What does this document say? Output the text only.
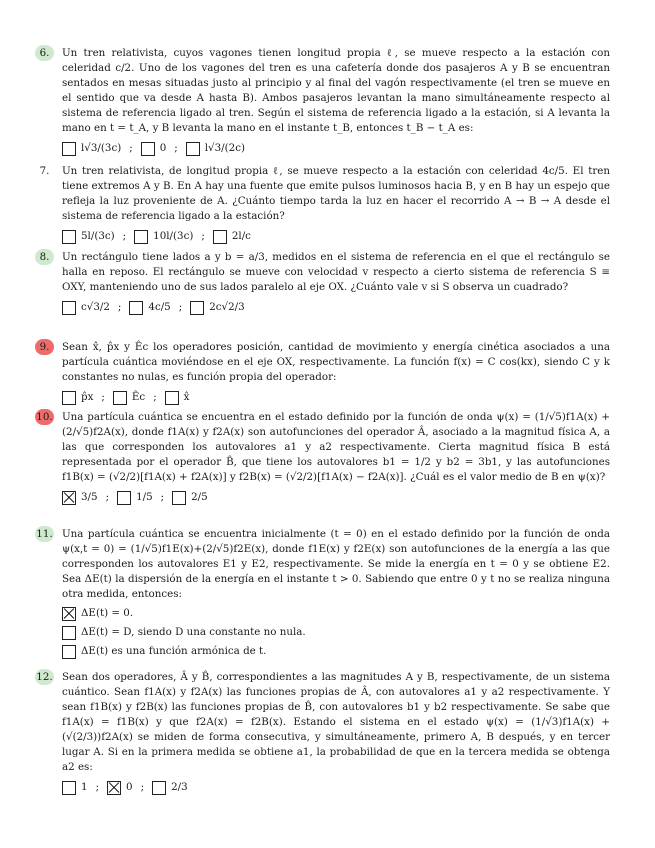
6.	Un tren relativista, cuyos vagones tienen longitud propia ℓ, se mueve respecto a la estación con celeridad c/2. Uno de los vagones del tren es una cafetería donde dos pasajeros A y B se encuentran sentados en mesas situadas justo al principio y al final del vagón respectivamente (el tren se mueve en el sentido que va desde A hasta B). Ambos pasajeros levantan la mano simultáneamente respecto al sistema de referencia ligado al tren. Según el sistema de referencia ligado a la estación, si A levanta la mano en t = t_A, y B levanta la mano en el instante t_B, entonces t_B − t_A es:

l√3/(3c) ;	0 ;	l√3/(2c)
7.	Un tren relativista, de longitud propia ℓ, se mueve respecto a la estación con celeridad 4c/5. El tren tiene extremos A y B. En A hay una fuente que emite pulsos luminosos hacia B, y en B hay un espejo que refleja la luz proveniente de A. ¿Cuánto tiempo tarda la luz en hacer el recorrido A → B → A desde el sistema de referencia ligado a la estación?

5l/(3c) ;	10l/(3c) ;	2l/c
8.	Un rectángulo tiene lados a y b = a/3, medidos en el sistema de referencia en el que el rectángulo se halla en reposo. El rectángulo se mueve con velocidad v respecto a cierto sistema de referencia S ≡ OXY, manteniendo uno de sus lados paralelo al eje OX. ¿Cuánto vale v si S observa un cuadrado?

c√3/2 ;	4c/5 ;	2c√2/3
9.	Sean x̂, p̂x y Êc los operadores posición, cantidad de movimiento y energía cinética asociados a una partícula cuántica moviéndose en el eje OX, respectivamente. La función f(x) = C cos(kx), siendo C y k constantes no nulas, es función propia del operador:

p̂x ;	Êc ;	x̂
10. Una partícula cuántica se encuentra en el estado definido por la función de onda ψ(x) = (1/√5)f1A(x) + (2/√5)f2A(x), donde f1A(x) y f2A(x) son autofunciones del operador Â, asociado a la magnitud física A, a las que corresponden los autovalores a1 y a2 respectivamente. Cierta magnitud física B está representada por el operador B̂, que tiene los autovalores b1 = 1/2 y b2 = 3b1, y las autofunciones f1B(x) = (√2/2)[f1A(x) + f2A(x)] y f2B(x) = (√2/2)[f1A(x) − f2A(x)]. ¿Cuál es el valor medio de B en ψ(x)?

3/5 ;	1/5 ;	2/5
11. Una partícula cuántica se encuentra inicialmente (t = 0) en el estado definido por la función de onda ψ(x,t = 0) = (1/√5)f1E(x)+(2/√5)f2E(x), donde f1E(x) y f2E(x) son autofunciones de la energía a las que corresponden los autovalores E1 y E2, respectivamente. Se mide la energía en t = 0 y se obtiene E2. Sea ΔE(t) la dispersión de la energía en el instante t > 0. Sabiendo que entre 0 y t no se realiza ninguna otra medida, entonces:

ΔE(t) = 0.
ΔE(t) = D, siendo D una constante no nula.
ΔE(t) es una función armónica de t.
12. Sean dos operadores, Â y B̂, correspondientes a las magnitudes A y B, respectivamente, de un sistema cuántico. Sean f1A(x) y f2A(x) las funciones propias de Â, con autovalores a1 y a2 respectivamente. Y sean f1B(x) y f2B(x) las funciones propias de B̂, con autovalores b1 y b2 respectivamente. Se sabe que f1A(x) = f1B(x) y que f2A(x) = f2B(x). Estando el sistema en el estado ψ(x) = (1/√3)f1A(x) + (√(2/3))f2A(x) se miden de forma consecutiva, y simultáneamente, primero A, B después, y en tercer lugar A. Si en la primera medida se obtiene a1, la probabilidad de que en la tercera medida se obtenga a2 es:

1 ;	0 ;	2/3
